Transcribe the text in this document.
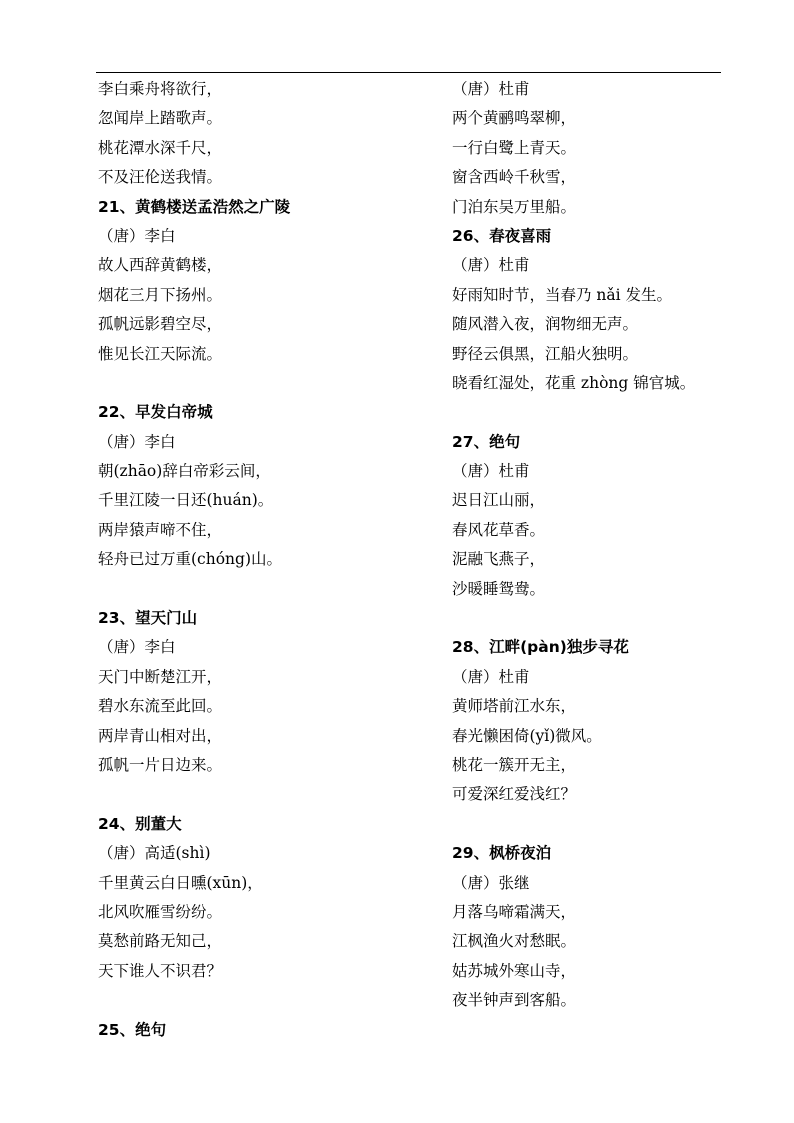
李白乘舟将欲行，
忽闻岸上踏歌声。
桃花潭水深千尺，
不及汪伦送我情。
21、黄鹤楼送孟浩然之广陵
（唐）李白
故人西辞黄鹤楼，
烟花三月下扬州。
孤帆远影碧空尽，
惟见长江天际流。
22、早发白帝城
（唐）李白
朝(zhāo)辞白帝彩云间，
千里江陵一日还(huán)。
两岸猿声啼不住，
轻舟已过万重(chóng)山。
23、望天门山
（唐）李白
天门中断楚江开，
碧水东流至此回。
两岸青山相对出，
孤帆一片日边来。
24、别董大
（唐）高适(shì)
千里黄云白日曛(xūn)，
北风吹雁雪纷纷。
莫愁前路无知己，
天下谁人不识君？
25、绝句
（唐）杜甫
两个黄鹂鸣翠柳，
一行白鹭上青天。
窗含西岭千秋雪，
门泊东吴万里船。
26、春夜喜雨
（唐）杜甫
好雨知时节，当春乃 nǎi 发生。
随风潜入夜，润物细无声。
野径云俱黑，江船火独明。
晓看红湿处，花重 zhòng 锦官城。
27、绝句
（唐）杜甫
迟日江山丽，
春风花草香。
泥融飞燕子，
沙暖睡鸳鸯。
28、江畔(pàn)独步寻花
（唐）杜甫
黄师塔前江水东，
春光懒困倚(yǐ)微风。
桃花一簇开无主，
可爱深红爱浅红？
29、枫桥夜泊
（唐）张继
月落乌啼霜满天，
江枫渔火对愁眠。
姑苏城外寒山寺，
夜半钟声到客船。
